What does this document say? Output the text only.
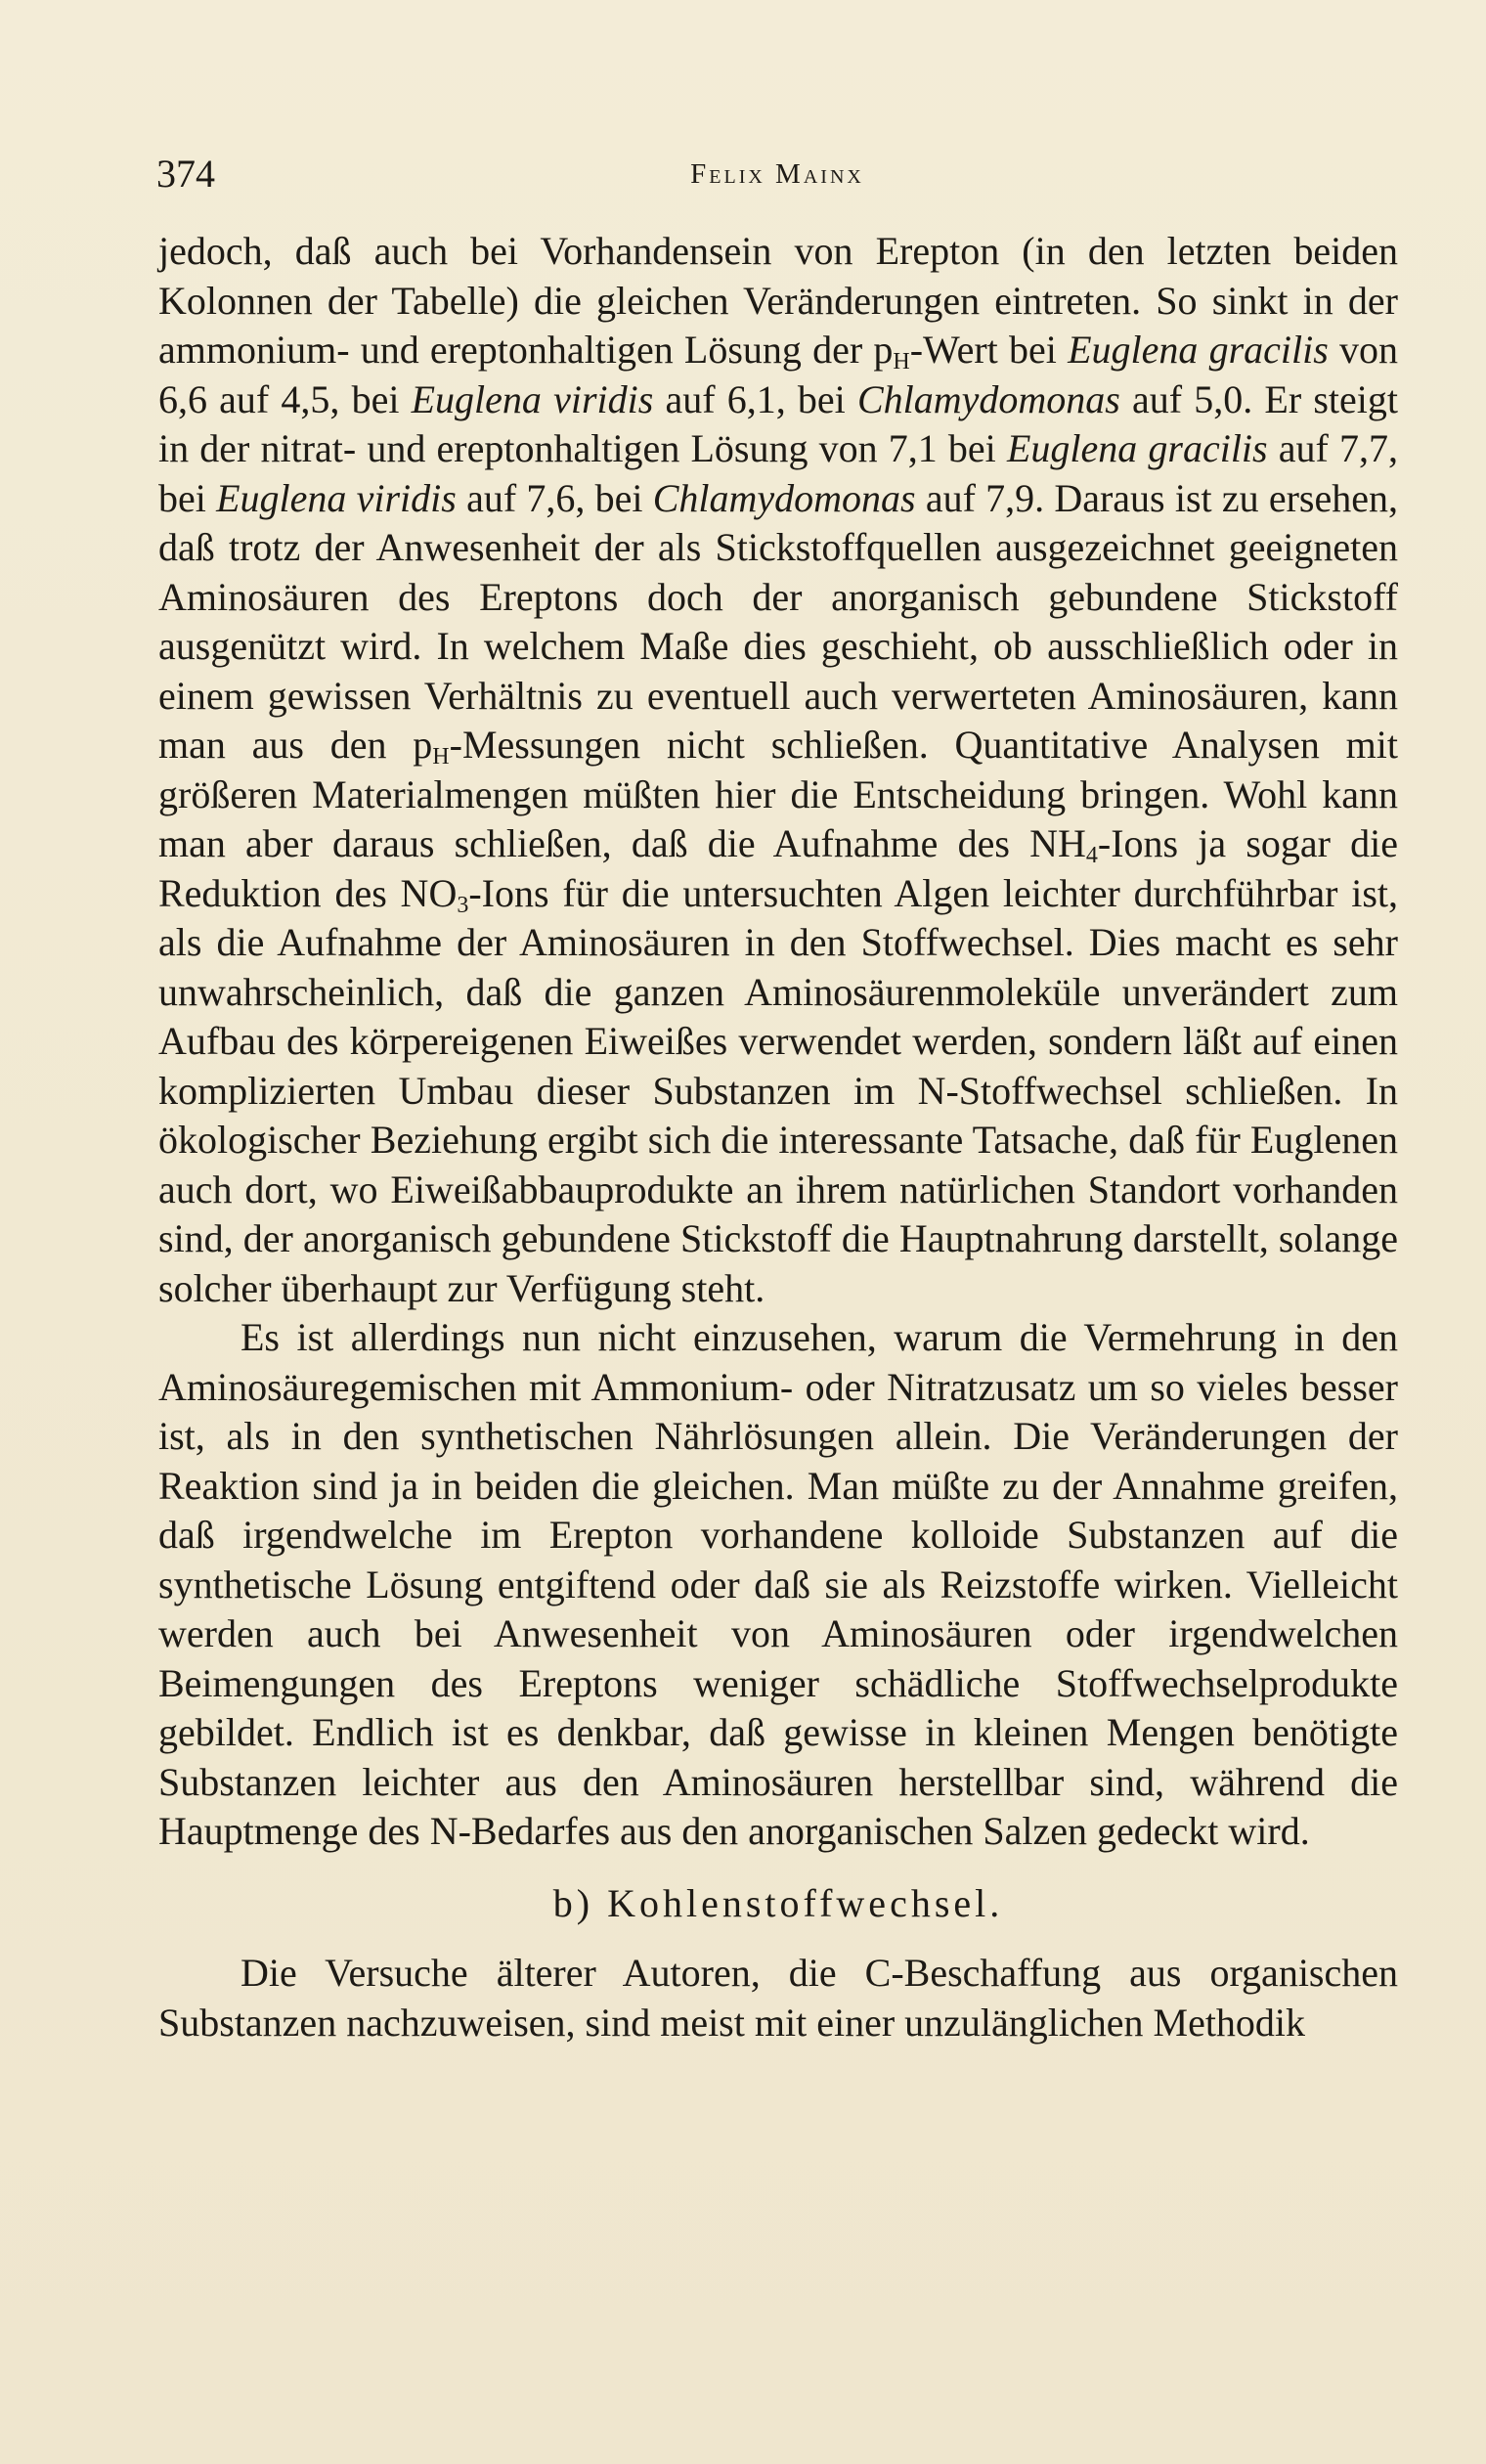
374	Felix Mainx

jedoch, daß auch bei Vorhandensein von Erepton (in den letzten beiden Kolonnen der Tabelle) die gleichen Veränderungen eintreten. So sinkt in der ammonium- und ereptonhaltigen Lösung der $p_H$-Wert bei Euglena gracilis von 6,6 auf 4,5, bei Euglena viridis auf 6,1, bei Chlamydomonas auf 5,0. Er steigt in der nitrat- und ereptonhaltigen Lösung von 7,1 bei Euglena gracilis auf 7,7, bei Euglena viridis auf 7,6, bei Chlamydomonas auf 7,9. Daraus ist zu ersehen, daß trotz der Anwesenheit der als Stickstoffquellen ausgezeichnet geeigneten Aminosäuren des Ereptons doch der anorganisch gebundene Stickstoff ausgenützt wird. In welchem Maße dies geschieht, ob ausschließlich oder in einem gewissen Verhältnis zu eventuell auch verwerteten Aminosäuren, kann man aus den $p_H$-Messungen nicht schließen. Quantitative Analysen mit größeren Materialmengen müßten hier die Entscheidung bringen. Wohl kann man aber daraus schließen, daß die Aufnahme des $NH_4$-Ions ja sogar die Reduktion des $NO_3$-Ions für die untersuchten Algen leichter durchführbar ist, als die Aufnahme der Aminosäuren in den Stoffwechsel. Dies macht es sehr unwahrscheinlich, daß die ganzen Aminosäurenmoleküle unverändert zum Aufbau des körpereigenen Eiweißes verwendet werden, sondern läßt auf einen komplizierten Umbau dieser Substanzen im N-Stoffwechsel schließen. In ökologischer Beziehung ergibt sich die interessante Tatsache, daß für Euglenen auch dort, wo Eiweißabbauprodukte an ihrem natürlichen Standort vorhanden sind, der anorganisch gebundene Stickstoff die Hauptnahrung darstellt, solange solcher überhaupt zur Verfügung steht.

Es ist allerdings nun nicht einzusehen, warum die Vermehrung in den Aminosäuregemischen mit Ammonium- oder Nitratzusatz um so vieles besser ist, als in den synthetischen Nährlösungen allein. Die Veränderungen der Reaktion sind ja in beiden die gleichen. Man müßte zu der Annahme greifen, daß irgendwelche im Erepton vorhandene kolloide Substanzen auf die synthetische Lösung entgiftend oder daß sie als Reizstoffe wirken. Vielleicht werden auch bei Anwesenheit von Aminosäuren oder irgendwelchen Beimengungen des Ereptons weniger schädliche Stoffwechselprodukte gebildet. Endlich ist es denkbar, daß gewisse in kleinen Mengen benötigte Substanzen leichter aus den Aminosäuren herstellbar sind, während die Hauptmenge des N-Bedarfes aus den anorganischen Salzen gedeckt wird.

b) Kohlenstoffwechsel.

Die Versuche älterer Autoren, die C-Beschaffung aus organischen Substanzen nachzuweisen, sind meist mit einer unzulänglichen Methodik
